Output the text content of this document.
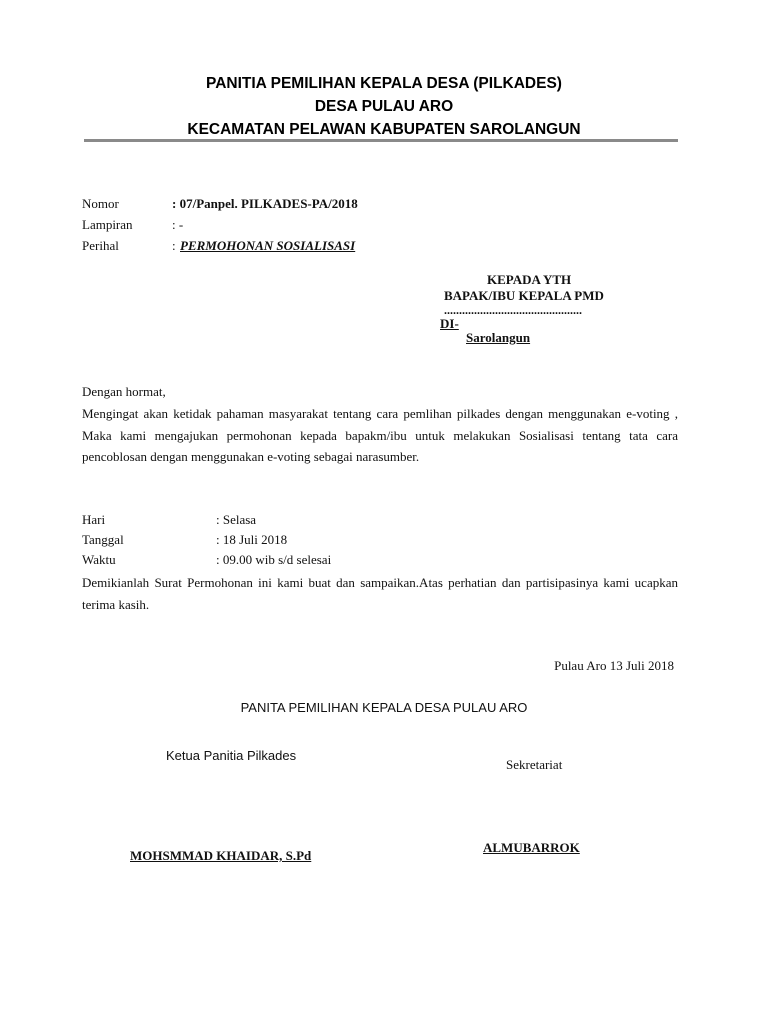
PANITIA PEMILIHAN KEPALA DESA (PILKADES)
DESA PULAU ARO
KECAMATAN PELAWAN KABUPATEN SAROLANGUN
Nomor	: 07/Panpel. PILKADES-PA/2018
Lampiran	: -
Perihal	: PERMOHONAN SOSIALISASI
KEPADA YTH
BAPAK/IBU KEPALA PMD
..............................................
DI-
Sarolangun
Dengan hormat,
Mengingat akan ketidak pahaman masyarakat tentang cara pemlihan pilkades dengan menggunakan e-voting , Maka kami mengajukan permohonan kepada bapakm/ibu untuk melakukan Sosialisasi tentang tata cara pencoblosan dengan menggunakan e-voting sebagai narasumber.
Hari	: Selasa
Tanggal	: 18 Juli 2018
Waktu	: 09.00 wib s/d selesai
Demikianlah Surat Permohonan ini kami buat dan sampaikan.Atas perhatian dan partisipasinya kami ucapkan terima kasih.
Pulau Aro 13 Juli 2018
PANITA PEMILIHAN KEPALA DESA PULAU ARO
Ketua Panitia Pilkades
Sekretariat
MOHSMMAD KHAIDAR, S.Pd
ALMUBARROK
